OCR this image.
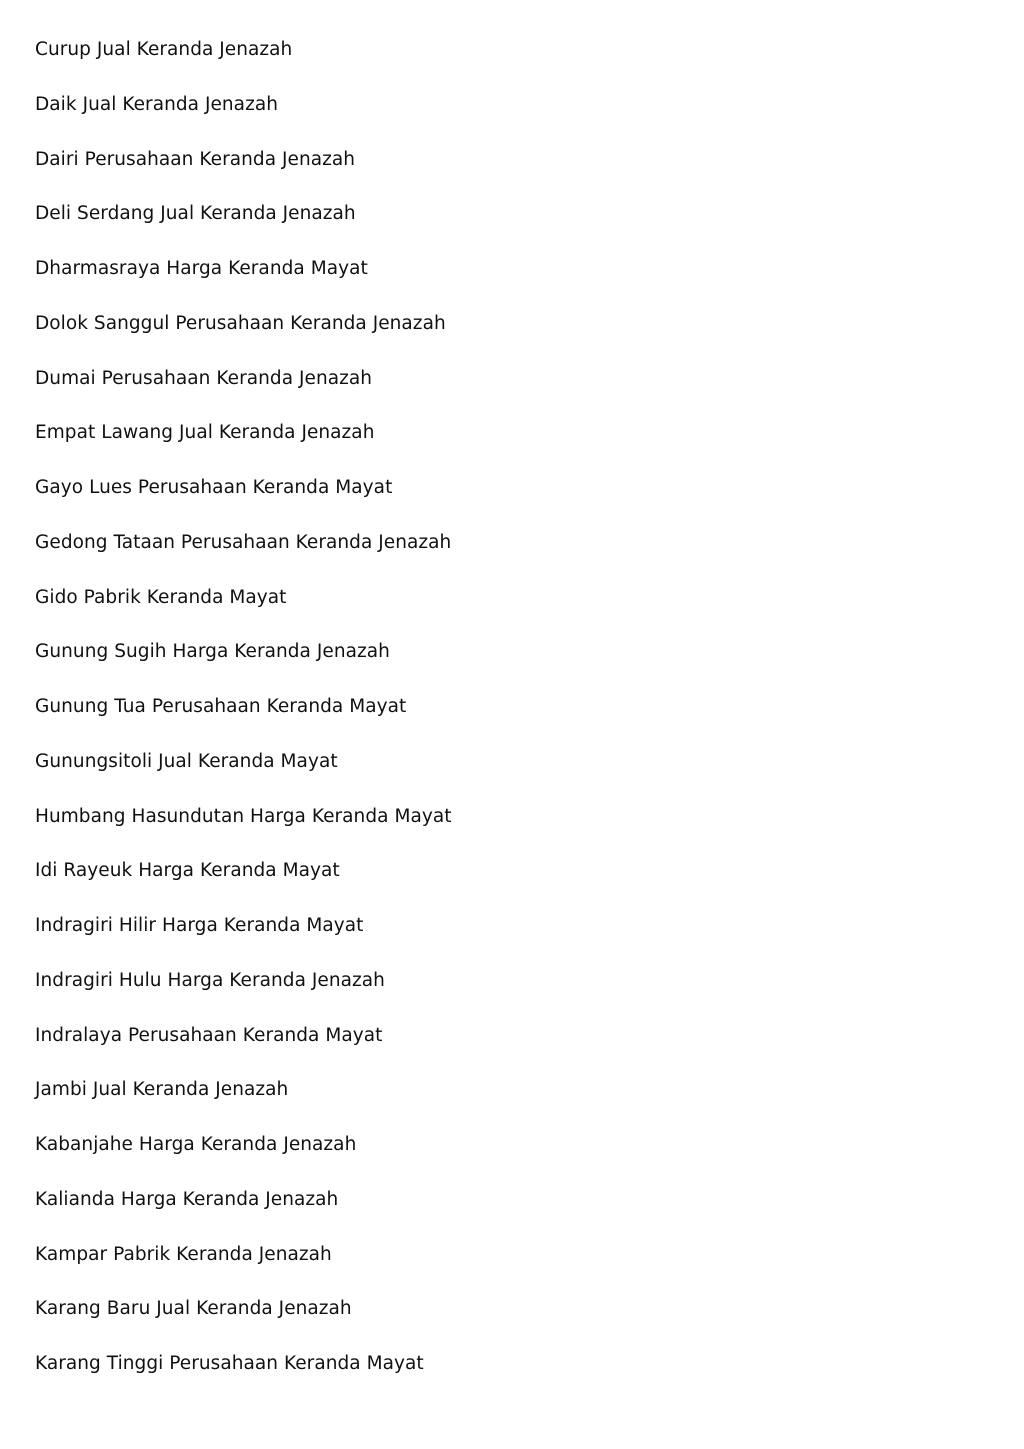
Curup Jual Keranda Jenazah
Daik Jual Keranda Jenazah
Dairi Perusahaan Keranda Jenazah
Deli Serdang Jual Keranda Jenazah
Dharmasraya Harga Keranda Mayat
Dolok Sanggul Perusahaan Keranda Jenazah
Dumai Perusahaan Keranda Jenazah
Empat Lawang Jual Keranda Jenazah
Gayo Lues Perusahaan Keranda Mayat
Gedong Tataan Perusahaan Keranda Jenazah
Gido Pabrik Keranda Mayat
Gunung Sugih Harga Keranda Jenazah
Gunung Tua Perusahaan Keranda Mayat
Gunungsitoli Jual Keranda Mayat
Humbang Hasundutan Harga Keranda Mayat
Idi Rayeuk Harga Keranda Mayat
Indragiri Hilir Harga Keranda Mayat
Indragiri Hulu Harga Keranda Jenazah
Indralaya Perusahaan Keranda Mayat
Jambi Jual Keranda Jenazah
Kabanjahe Harga Keranda Jenazah
Kalianda Harga Keranda Jenazah
Kampar Pabrik Keranda Jenazah
Karang Baru Jual Keranda Jenazah
Karang Tinggi Perusahaan Keranda Mayat
